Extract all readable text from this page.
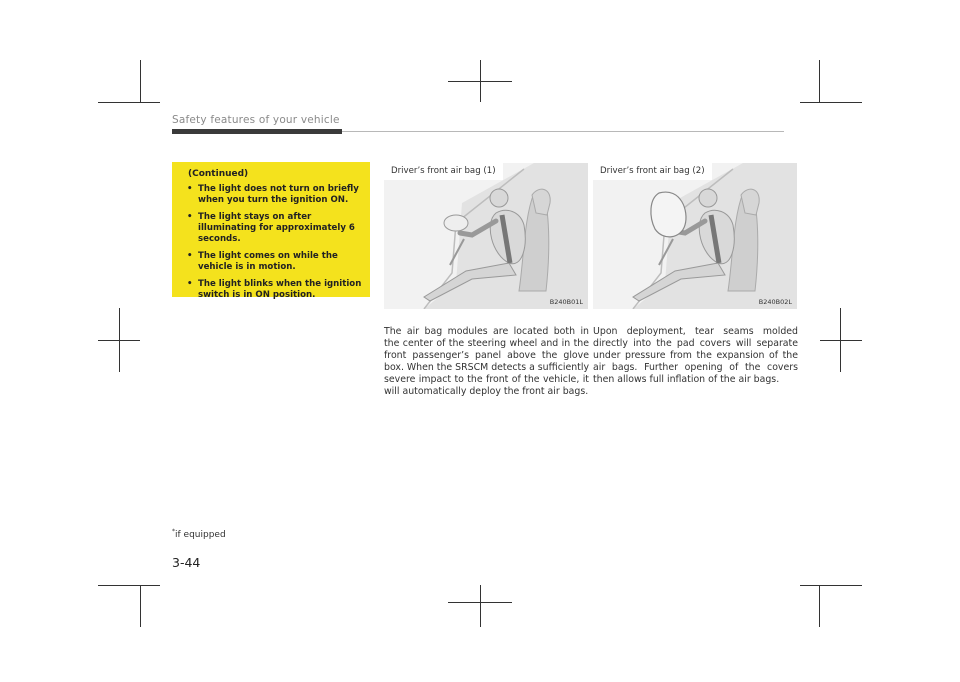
Safety features of your vehicle
(Continued)
• The light does not turn on briefly when you turn the ignition ON.
• The light stays on after illuminating for approximately 6 seconds.
• The light comes on while the vehicle is in motion.
• The light blinks when the ignition switch is in ON position.
Driver’s front air bag (1)
B240B01L
Driver’s front air bag (2)
B240B02L
The air bag modules are located both in the center of the steering wheel and in the front passenger’s panel above the glove box. When the SRSCM detects a sufficiently severe impact to the front of the vehicle, it will automatically deploy the front air bags.
Upon deployment, tear seams molded directly into the pad covers will separate under pressure from the expansion of the air bags. Further opening of the covers then allows full inflation of the air bags.
*if equipped
3-44
